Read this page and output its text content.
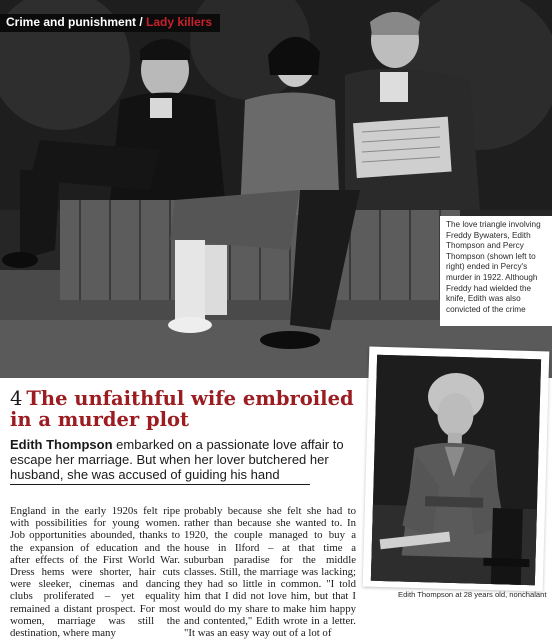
Crime and punishment / Lady killers
The love triangle involving Freddy Bywaters, Edith Thompson and Percy Thompson (shown left to right) ended in Percy's murder in 1922. Although Freddy had wielded the knife, Edith was also convicted of the crime
4 The unfaithful wife embroiled in a murder plot
Edith Thompson embarked on a passionate love affair to escape her marriage. But when her lover butchered her husband, she was accused of guiding his hand
England in the early 1920s felt ripe with possibilities for young women. Job opportunities abounded, thanks to the expansion of education and the after effects of the First World War. Dress hems were shorter, hair cuts were sleeker, cinemas and dancing clubs proliferated – yet equality remained a distant prospect. For most women, marriage was still the destination, where many
probably because she felt she had to rather than because she wanted to. In 1920, the couple managed to buy a house in Ilford – at that time a suburban paradise for the middle classes. Still, the marriage was lacking; they had so little in common. "I told him that I did not love him, but that I would do my share to make him happy and contented," Edith wrote in a letter. "It was an easy way out of a lot of
Edith Thompson at 28 years old, nonchalant
